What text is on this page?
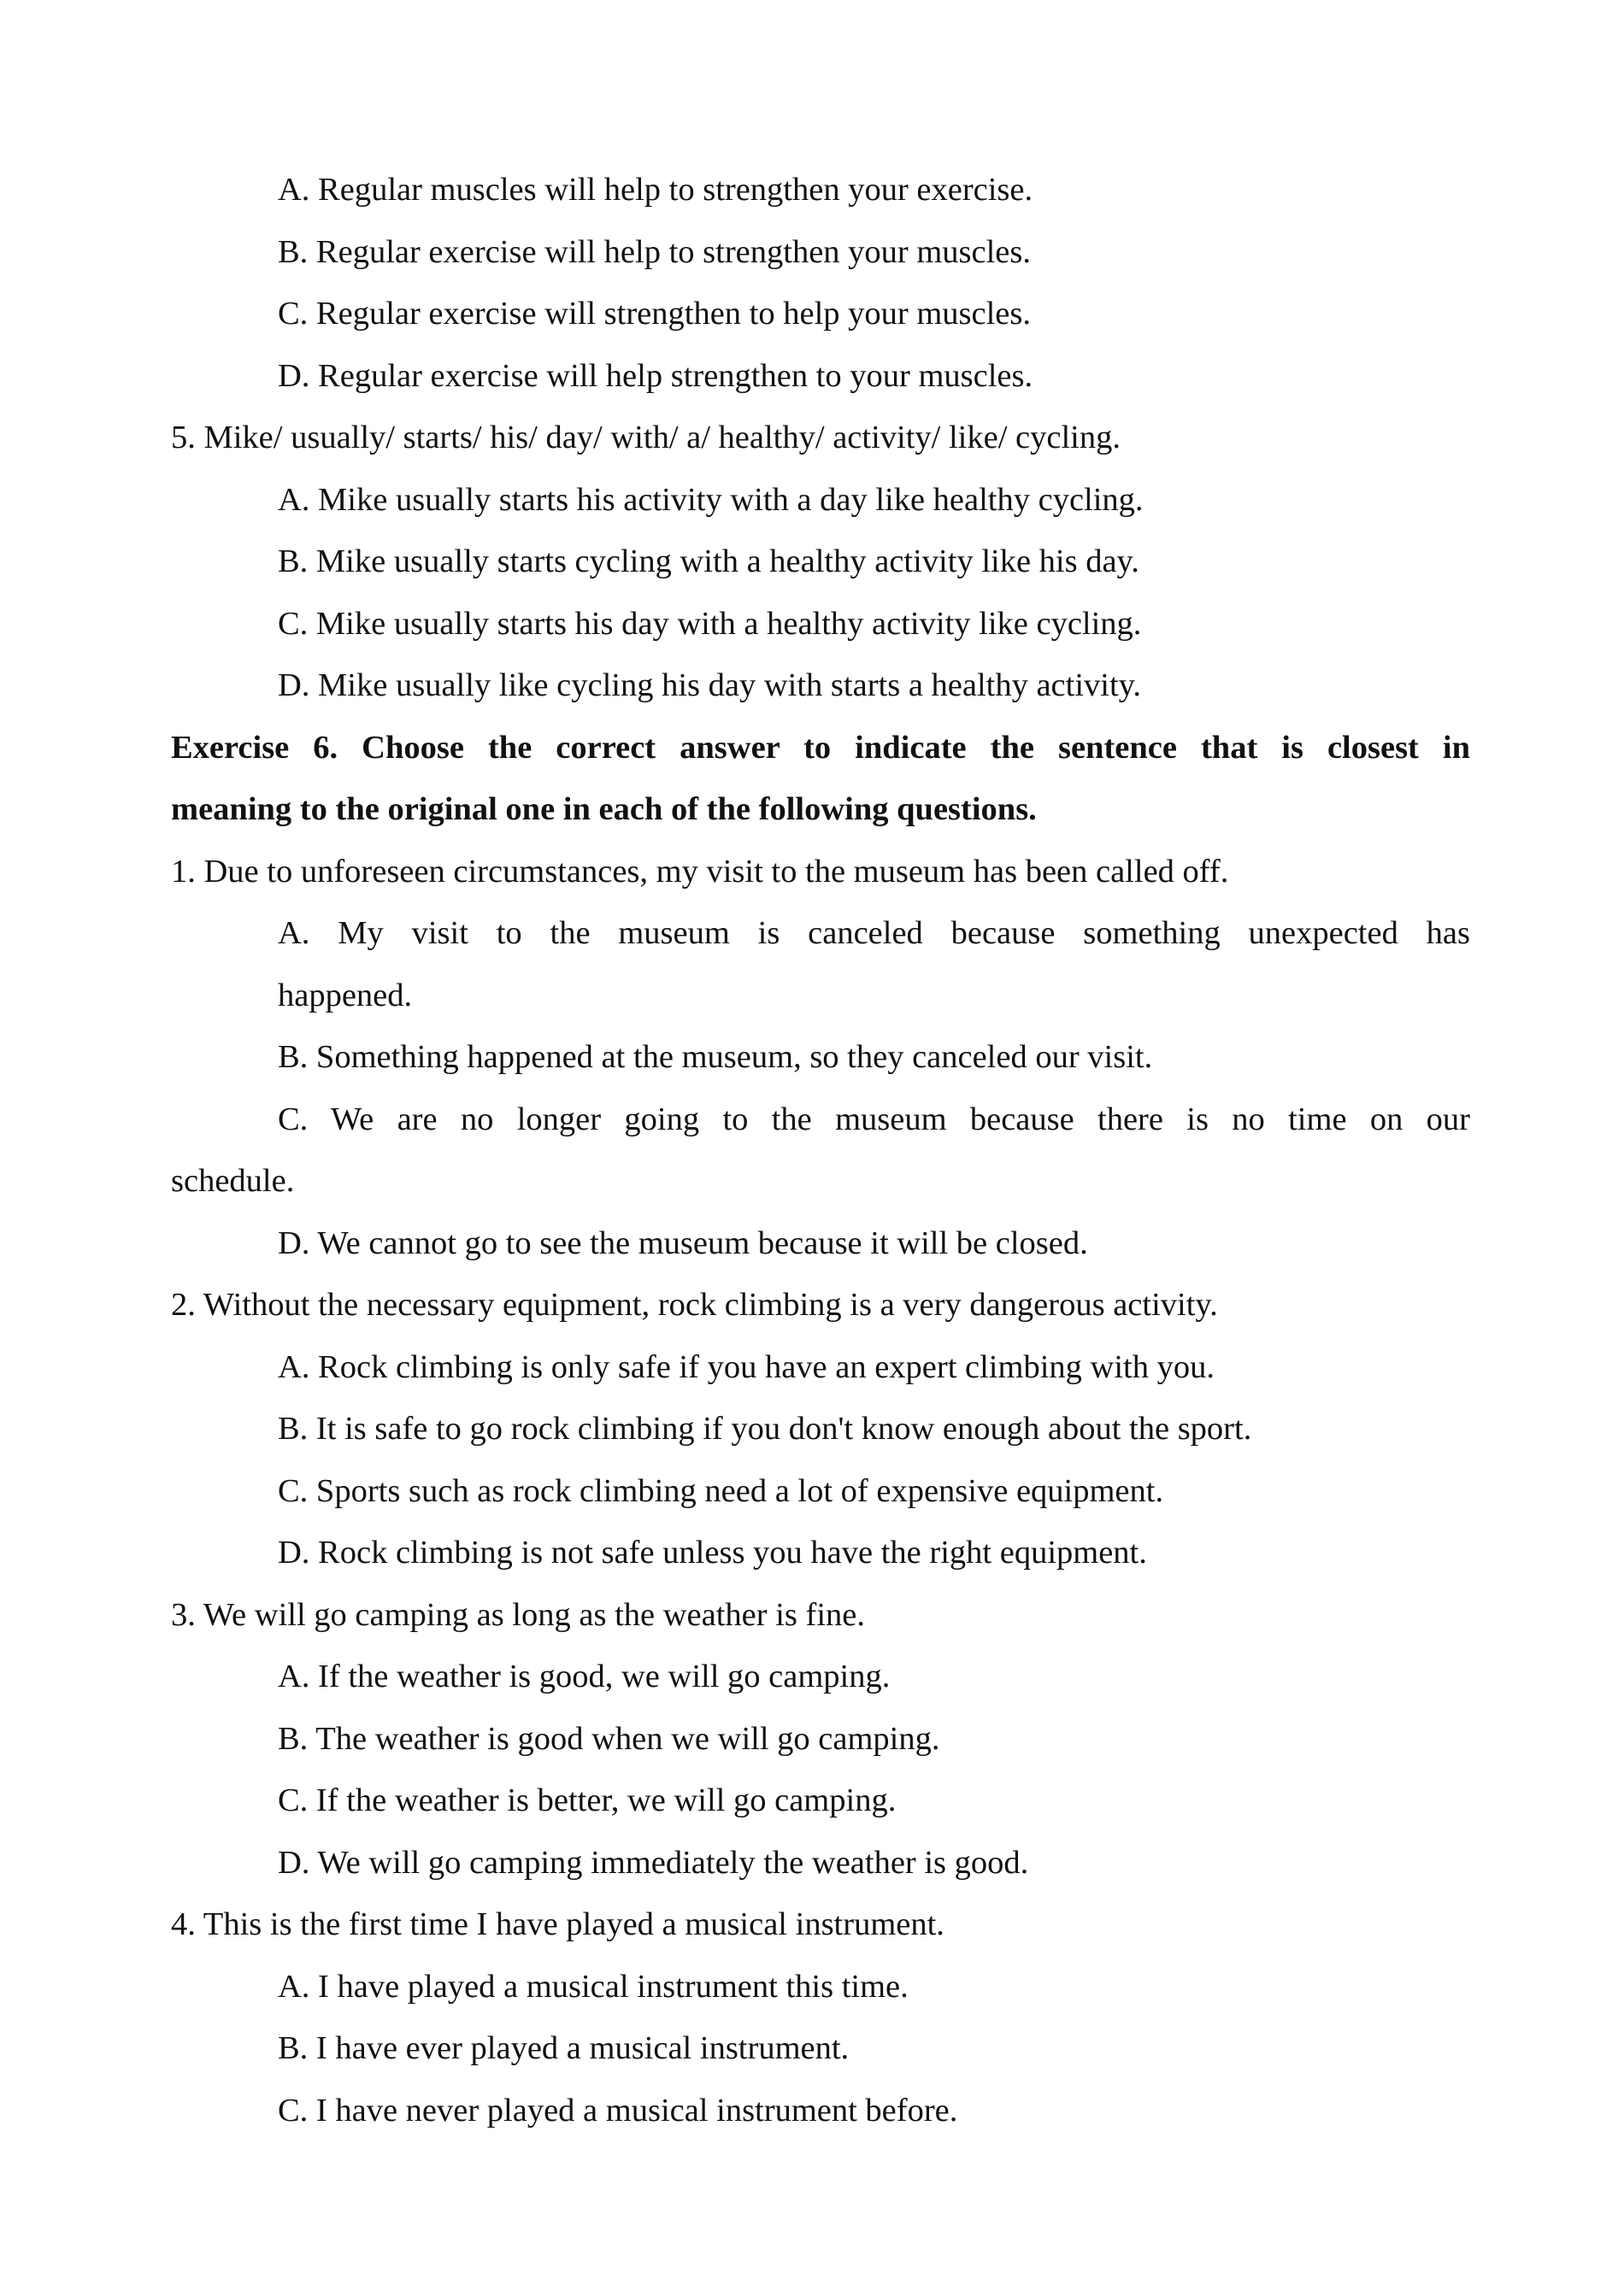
A. Regular muscles will help to strengthen your exercise.
B. Regular exercise will help to strengthen your muscles.
C. Regular exercise will strengthen to help your muscles.
D. Regular exercise will help strengthen to your muscles.
5. Mike/ usually/ starts/ his/ day/ with/ a/ healthy/ activity/ like/ cycling.
A. Mike usually starts his activity with a day like healthy cycling.
B. Mike usually starts cycling with a healthy activity like his day.
C. Mike usually starts his day with a healthy activity like cycling.
D. Mike usually like cycling his day with starts a healthy activity.
Exercise 6. Choose the correct answer to indicate the sentence that is closest in
meaning to the original one in each of the following questions.
1. Due to unforeseen circumstances, my visit to the museum has been called off.
A. My visit to the museum is canceled because something unexpected has
happened.
B. Something happened at the museum, so they canceled our visit.
C. We are no longer going to the museum because there is no time on our
schedule.
D. We cannot go to see the museum because it will be closed.
2. Without the necessary equipment, rock climbing is a very dangerous activity.
A. Rock climbing is only safe if you have an expert climbing with you.
B. It is safe to go rock climbing if you don't know enough about the sport.
C. Sports such as rock climbing need a lot of expensive equipment.
D. Rock climbing is not safe unless you have the right equipment.
3. We will go camping as long as the weather is fine.
A. If the weather is good, we will go camping.
B. The weather is good when we will go camping.
C. If the weather is better, we will go camping.
D. We will go camping immediately the weather is good.
4. This is the first time I have played a musical instrument.
A. I have played a musical instrument this time.
B. I have ever played a musical instrument.
C. I have never played a musical instrument before.
